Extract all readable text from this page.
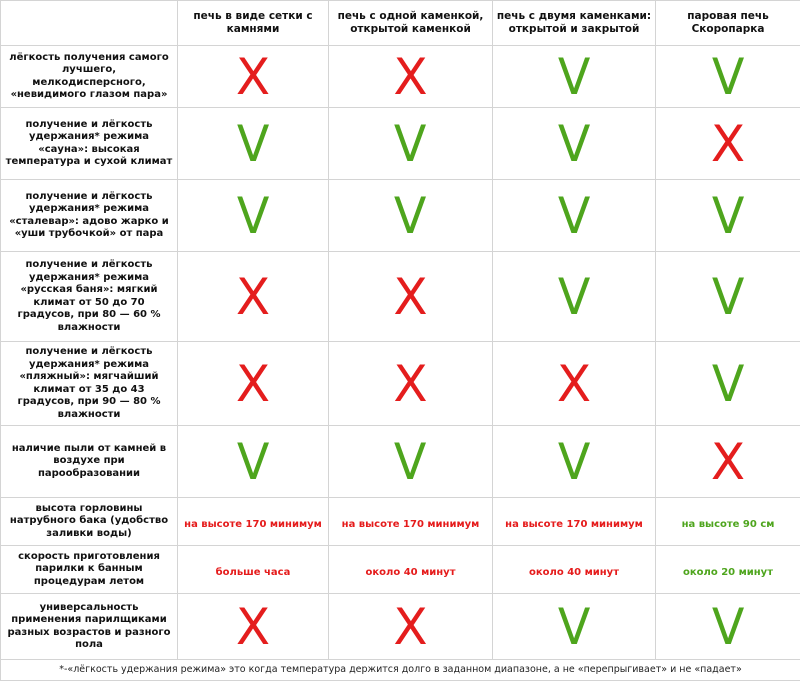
	печь в виде сетки с камнями	печь с одной каменкой, открытой каменкой	печь с двумя каменками: открытой и закрытой	паровая печь Скоропарка
лёгкость получения самого лучшего, мелкодисперсного, «невидимого глазом пара»	X	X	V	V
получение и лёгкость удержания* режима «сауна»: высокая температура и сухой климат	V	V	V	X
получение и лёгкость удержания* режима «сталевар»: адово жарко и «уши трубочкой» от пара	V	V	V	V
получение и лёгкость удержания* режима «русская баня»: мягкий климат от 50 до 70 градусов, при 80 — 60 % влажности	X	X	V	V
получение и лёгкость удержания* режима «пляжный»: мягчайший климат от 35 до 43 градусов, при 90 — 80 % влажности	X	X	X	V
наличие пыли от камней в воздухе при парообразовании	V	V	V	X
высота горловины натрубного бака (удобство заливки воды)	на высоте 170 минимум	на высоте 170 минимум	на высоте 170 минимум	на высоте 90 см
скорость приготовления парилки к банным процедурам летом	больше часа	около 40 минут	около 40 минут	около 20 минут
универсальность применения парилщиками разных возрастов и разного пола	X	X	V	V
*-«лёгкость удержания режима» это когда температура держится долго в заданном диапазоне, а не «перепрыгивает» и не «падает»				
